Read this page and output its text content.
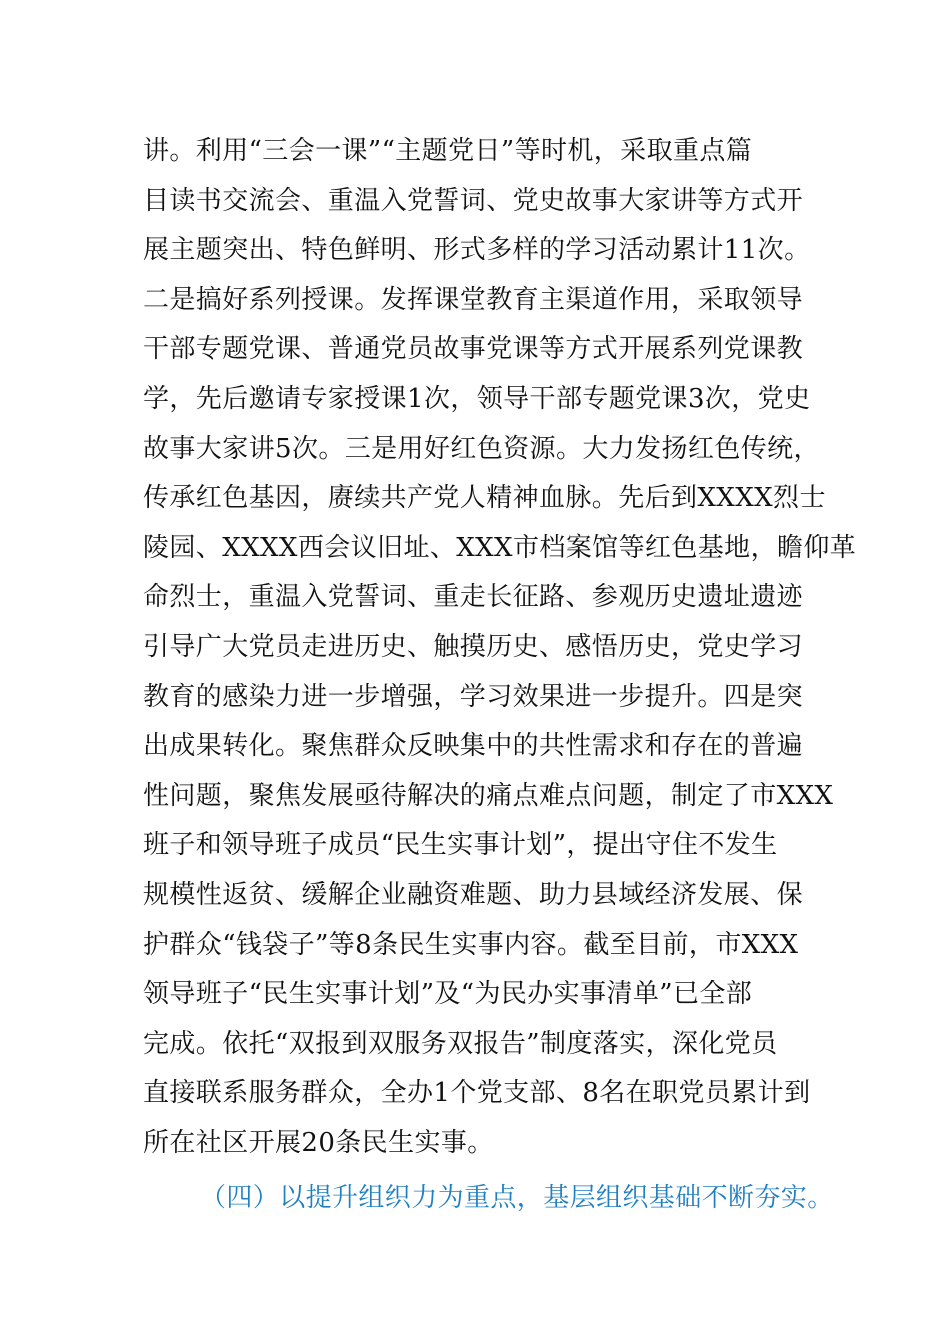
讲。利用“三会一课”“主题党日”等时机，采取重点篇
目读书交流会、重温入党誓词、党史故事大家讲等方式开
展主题突出、特色鲜明、形式多样的学习活动累计11次。
二是搞好系列授课。发挥课堂教育主渠道作用，采取领导
干部专题党课、普通党员故事党课等方式开展系列党课教
学，先后邀请专家授课1次，领导干部专题党课3次，党史
故事大家讲5次。三是用好红色资源。大力发扬红色传统，
传承红色基因，赓续共产党人精神血脉。先后到XXXX烈士
陵园、XXXX西会议旧址、XXX市档案馆等红色基地，瞻仰革
命烈士，重温入党誓词、重走长征路、参观历史遗址遗迹
引导广大党员走进历史、触摸历史、感悟历史，党史学习
教育的感染力进一步增强，学习效果进一步提升。四是突
出成果转化。聚焦群众反映集中的共性需求和存在的普遍
性问题，聚焦发展亟待解决的痛点难点问题，制定了市XXX
班子和领导班子成员“民生实事计划”，提出守住不发生
规模性返贫、缓解企业融资难题、助力县域经济发展、保
护群众“钱袋子”等8条民生实事内容。截至目前，市XXX
领导班子“民生实事计划”及“为民办实事清单”已全部
完成。依托“双报到双服务双报告”制度落实，深化党员
直接联系服务群众，全办1个党支部、8名在职党员累计到
所在社区开展20条民生实事。
（四）以提升组织力为重点，基层组织基础不断夯实。
